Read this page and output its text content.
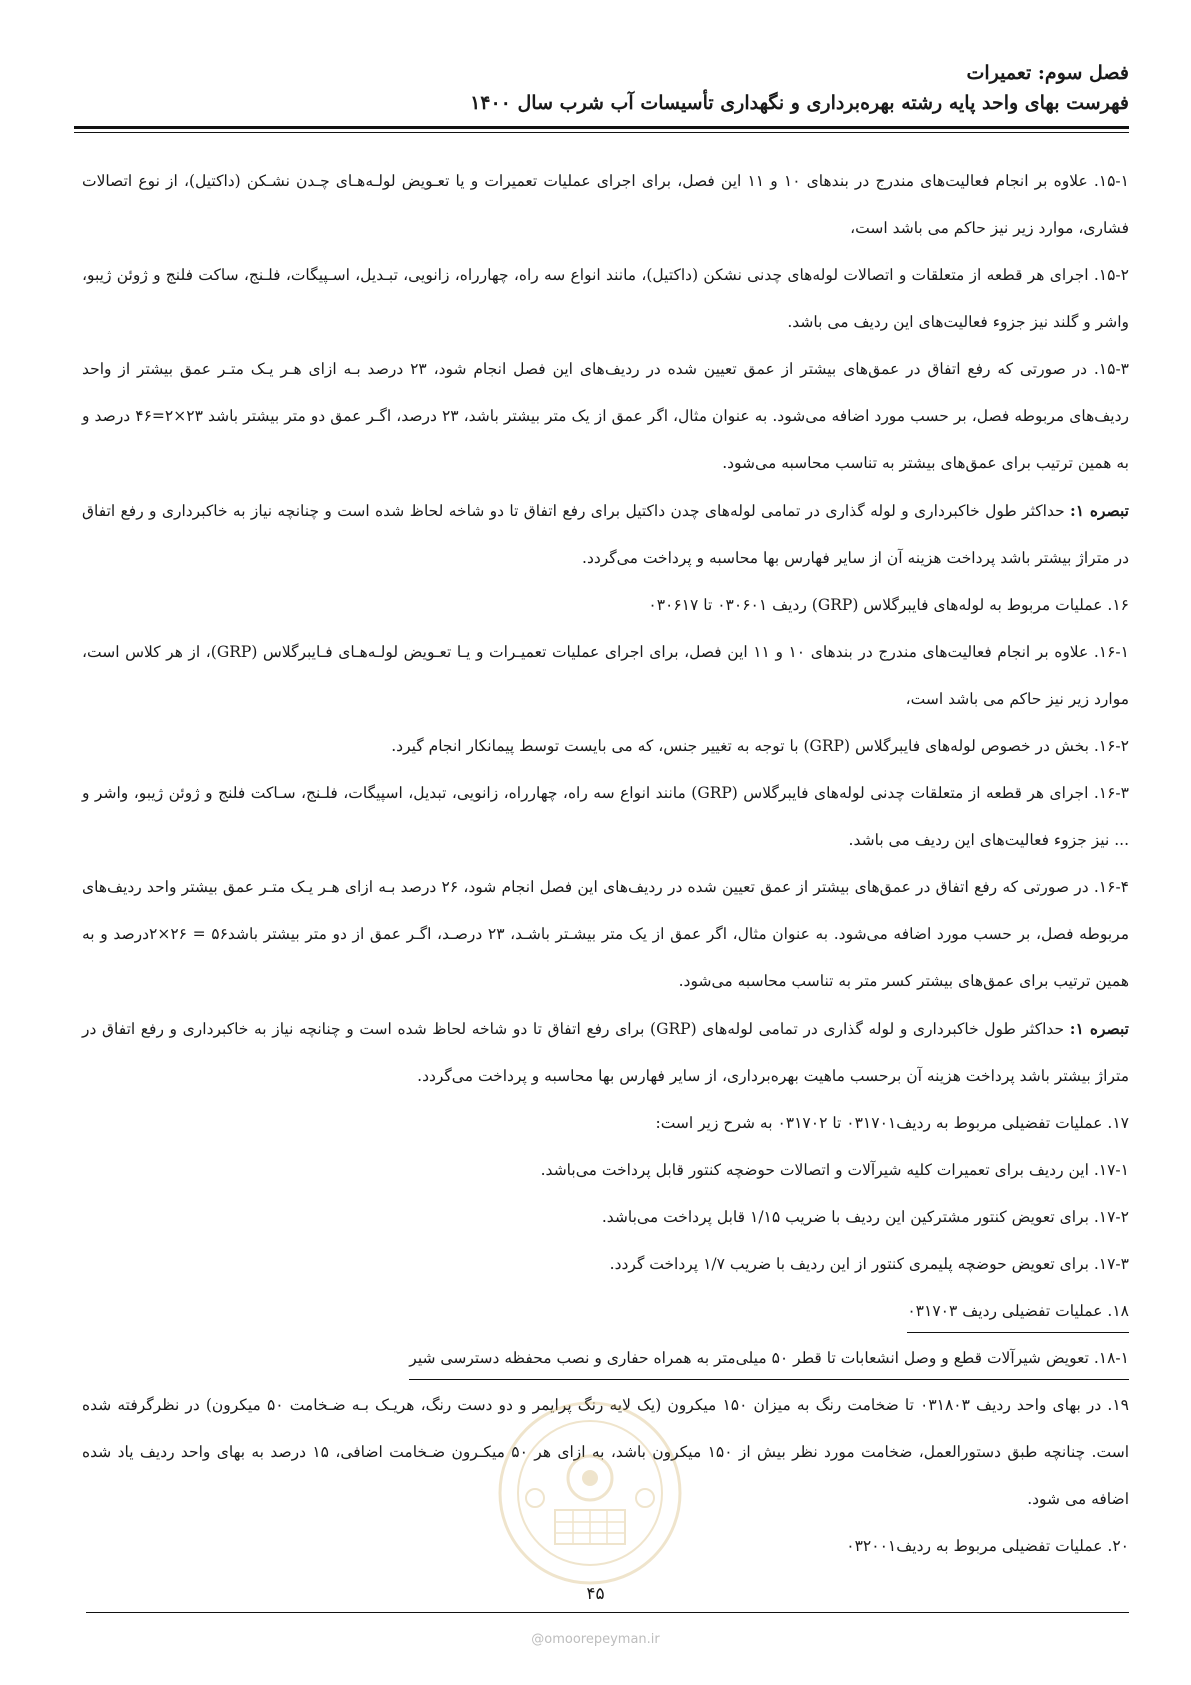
فصل سوم: تعمیرات
فهرست بهای واحد پایه رشته بهره‌برداری و نگهداری تأسیسات آب شرب سال ۱۴۰۰

۱۵-۱. علاوه بر انجام فعالیت‌های مندرج در بندهای ۱۰ و ۱۱ این فصل، برای اجرای عملیات تعمیرات و یا تعـویض لولـه‌هـای چـدن نشـکن (داکتیل)، از نوع اتصالات فشاری، موارد زیر نیز حاکم می باشد است،

۱۵-۲. اجرای هر قطعه از متعلقات و اتصالات لوله‌های چدنی نشکن (داکتیل)، مانند انواع سه راه، چهارراه، زانویی، تبـدیل، اسـپیگات، فلـنج، ساکت فلنج و ژوئن ژیبو، واشر و گلند نیز جزوء فعالیت‌های این ردیف می باشد.

۱۵-۳. در صورتی که رفع اتفاق در عمق‌های بیشتر از عمق تعیین شده در ردیف‌های این فصل انجام شود، ۲۳ درصد بـه ازای هـر یـک متـر عمق بیشتر از واحد ردیف‌های مربوطه فصل، بر حسب مورد اضافه می‌شود. به عنوان مثال، اگر عمق از یک متر بیشتر باشد، ۲۳ درصد، اگـر عمق دو متر بیشتر باشد ۲۳×۲=۴۶ درصد و به همین ترتیب برای عمق‌های بیشتر به تناسب محاسبه می‌شود.

تبصره ۱: حداکثر طول خاکبرداری و لوله گذاری در تمامی لوله‌های چدن داکتیل برای رفع اتفاق تا دو شاخه لحاظ شده است و چنانچه نیاز به خاکبرداری و رفع اتفاق در متراژ بیشتر باشد پرداخت هزینه آن از سایر فهارس بها محاسبه و پرداخت می‌گردد.

۱۶. عملیات مربوط به لوله‌های فایبرگلاس (GRP) ردیف ۰۳۰۶۰۱ تا ۰۳۰۶۱۷

۱۶-۱. علاوه بر انجام فعالیت‌های مندرج در بندهای ۱۰ و ۱۱ این فصل، برای اجرای عملیات تعمیـرات و یـا تعـویض لولـه‌هـای فـایبرگلاس (GRP)، از هر کلاس است، موارد زیر نیز حاکم می باشد است،

۱۶-۲. بخش در خصوص لوله‌های فایبرگلاس (GRP) با توجه به تغییر جنس، که می بایست توسط پیمانکار انجام گیرد.

۱۶-۳. اجرای هر قطعه از متعلقات چدنی لوله‌های فایبرگلاس (GRP) مانند انواع سه راه، چهارراه، زانویی، تبدیل، اسپیگات، فلـنج، سـاکت فلنج و ژوئن ژیبو، واشر و ... نیز جزوء فعالیت‌های این ردیف می باشد.

۱۶-۴. در صورتی که رفع اتفاق در عمق‌های بیشتر از عمق تعیین شده در ردیف‌های این فصل انجام شود، ۲۶ درصد بـه ازای هـر یـک متـر عمق بیشتر واحد ردیف‌های مربوطه فصل، بر حسب مورد اضافه می‌شود. به عنوان مثال، اگر عمق از یک متر بیشـتر باشـد، ۲۳ درصـد، اگـر عمق از دو متر بیشتر باشد۵۶ = ۲۶×۲درصد و به همین ترتیب برای عمق‌های بیشتر کسر متر به تناسب محاسبه می‌شود.

تبصره ۱: حداکثر طول خاکبرداری و لوله گذاری در تمامی لوله‌های (GRP) برای رفع اتفاق تا دو شاخه لحاظ شده است و چنانچه نیاز به خاکبرداری و رفع اتفاق در متراژ بیشتر باشد پرداخت هزینه آن برحسب ماهیت بهره‌برداری، از سایر فهارس بها محاسبه و پرداخت می‌گردد.

۱۷. عملیات تفضیلی مربوط به ردیف۰۳۱۷۰۱ تا ۰۳۱۷۰۲ به شرح زیر است:

۱۷-۱. این ردیف برای تعمیرات کلیه شیرآلات و اتصالات حوضچه کنتور قابل پرداخت می‌باشد.

۱۷-۲. برای تعویض کنتور مشترکین این ردیف با ضریب ۱/۱۵ قابل پرداخت می‌باشد.

۱۷-۳. برای تعویض حوضچه پلیمری کنتور از این ردیف با ضریب ۱/۷ پرداخت گردد.

۱۸. عملیات تفضیلی ردیف ۰۳۱۷۰۳

۱۸-۱. تعویض شیرآلات قطع و وصل انشعابات تا قطر ۵۰ میلی‌متر به همراه حفاری و نصب محفظه دسترسی شیر

۱۹. در بهای واحد ردیف ۰۳۱۸۰۳ تا ضخامت رنگ به میزان ۱۵۰ میکرون (یک لایه رنگ پرایمر و دو دست رنگ، هریـک بـه ضـخامت ۵۰ میکرون) در نظرگرفته شده است. چنانچه طبق دستورالعمل، ضخامت مورد نظر بیش از ۱۵۰ میکرون باشد، به ازای هر ۵۰ میکـرون ضـخامت اضافی، ۱۵ درصد به بهای واحد ردیف یاد شده اضافه می شود.

۲۰. عملیات تفضیلی مربوط به ردیف۰۳۲۰۰۱

۴۵
@omoorepeyman.ir
